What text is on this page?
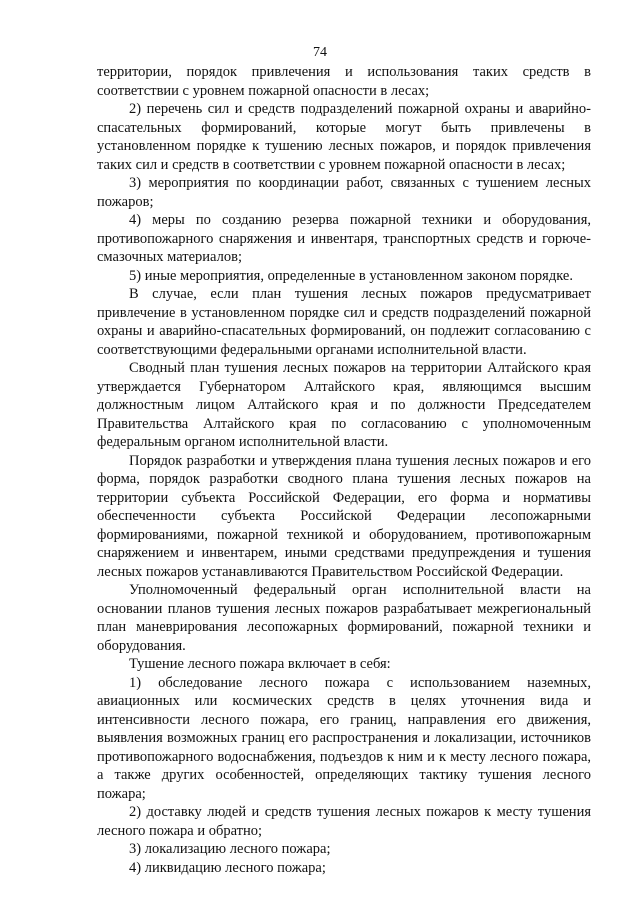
74

территории, порядок привлечения и использования таких средств в соответствии с уровнем пожарной опасности в лесах;

2) перечень сил и средств подразделений пожарной охраны и аварийно-спасательных формирований, которые могут быть привлечены в установленном порядке к тушению лесных пожаров, и порядок привлечения таких сил и средств в соответствии с уровнем пожарной опасности в лесах;

3) мероприятия по координации работ, связанных с тушением лесных пожаров;

4) меры по созданию резерва пожарной техники и оборудования, противопожарного снаряжения и инвентаря, транспортных средств и горюче-смазочных материалов;

5) иные мероприятия, определенные в установленном законом порядке.

В случае, если план тушения лесных пожаров предусматривает привлечение в установленном порядке сил и средств подразделений пожарной охраны и аварийно-спасательных формирований, он подлежит согласованию с соответствующими федеральными органами исполнительной власти.

Сводный план тушения лесных пожаров на территории Алтайского края утверждается Губернатором Алтайского края, являющимся высшим должностным лицом Алтайского края и по должности Председателем Правительства Алтайского края по согласованию с уполномоченным федеральным органом исполнительной власти.

Порядок разработки и утверждения плана тушения лесных пожаров и его форма, порядок разработки сводного плана тушения лесных пожаров на территории субъекта Российской Федерации, его форма и нормативы обеспеченности субъекта Российской Федерации лесопожарными формированиями, пожарной техникой и оборудованием, противопожарным снаряжением и инвентарем, иными средствами предупреждения и тушения лесных пожаров устанавливаются Правительством Российской Федерации.

Уполномоченный федеральный орган исполнительной власти на основании планов тушения лесных пожаров разрабатывает межрегиональный план маневрирования лесопожарных формирований, пожарной техники и оборудования.

Тушение лесного пожара включает в себя:

1) обследование лесного пожара с использованием наземных, авиационных или космических средств в целях уточнения вида и интенсивности лесного пожара, его границ, направления его движения, выявления возможных границ его распространения и локализации, источников противопожарного водоснабжения, подъездов к ним и к месту лесного пожара, а также других особенностей, определяющих тактику тушения лесного пожара;

2) доставку людей и средств тушения лесных пожаров к месту тушения лесного пожара и обратно;

3) локализацию лесного пожара;

4) ликвидацию лесного пожара;
